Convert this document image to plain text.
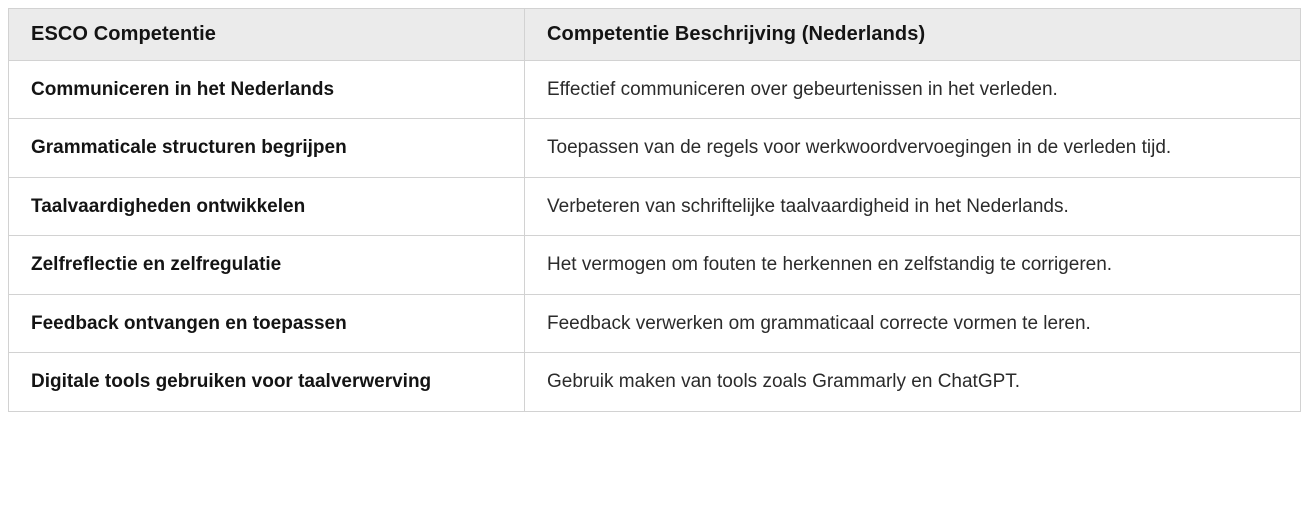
ESCO Competentie	Competentie Beschrijving (Nederlands)
Communiceren in het Nederlands	Effectief communiceren over gebeurtenissen in het verleden.
Grammaticale structuren begrijpen	Toepassen van de regels voor werkwoordvervoegingen in de verleden tijd.
Taalvaardigheden ontwikkelen	Verbeteren van schriftelijke taalvaardigheid in het Nederlands.
Zelfreflectie en zelfregulatie	Het vermogen om fouten te herkennen en zelfstandig te corrigeren.
Feedback ontvangen en toepassen	Feedback verwerken om grammaticaal correcte vormen te leren.
Digitale tools gebruiken voor taalverwerving	Gebruik maken van tools zoals Grammarly en ChatGPT.
